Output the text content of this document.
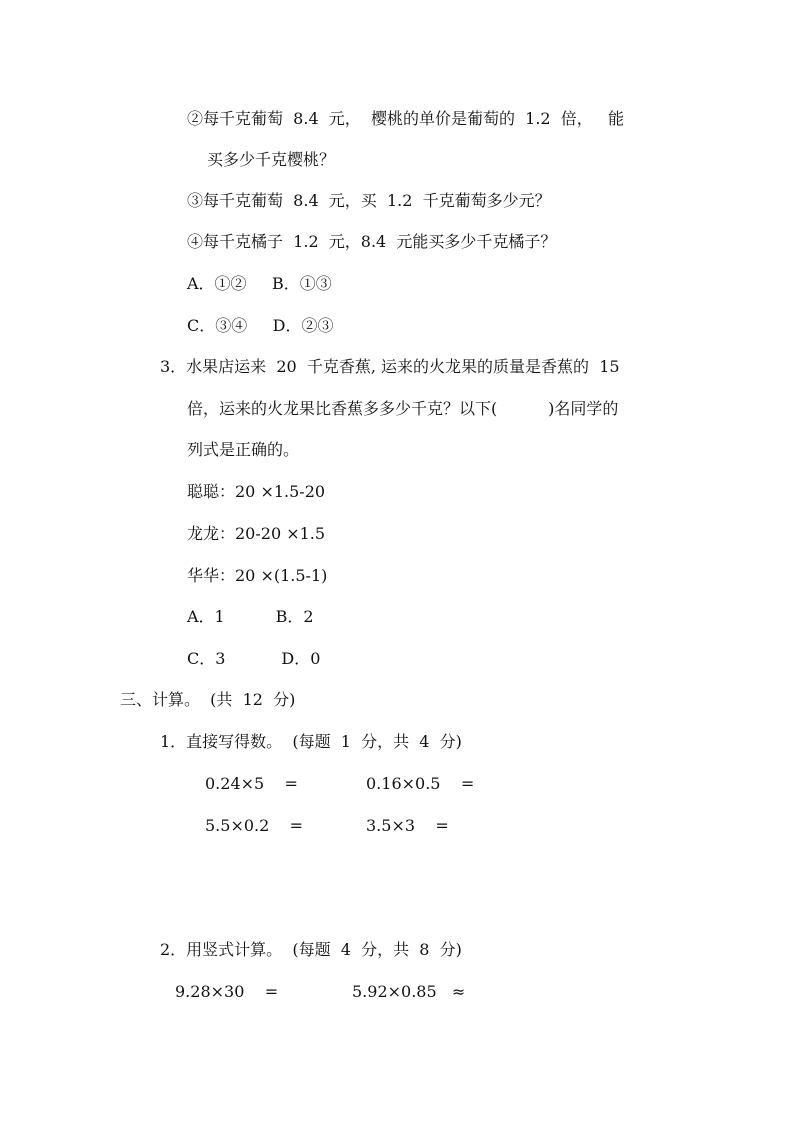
②每千克葡萄  8.4  元，  樱桃的单价是葡萄的  1.2  倍，   能
买多少千克樱桃？
③每千克葡萄  8.4  元，买  1.2  千克葡萄多少元？
④每千克橘子  1.2  元，8.4  元能买多少千克橘子？
A．①②     B．①③
C．③④     D．②③
3．水果店运来  20  千克香蕉, 运来的火龙果的质量是香蕉的  15
倍，运来的火龙果比香蕉多多少千克？以下(          )名同学的
列式是正确的。
聪聪：20 ×1.5-20
龙龙：20-20 ×1.5
华华：20 ×(1.5-1)
A．1          B．2
C．3           D．0
三、计算。  (共  12  分)
1．直接写得数。  (每题  1  分，共  4  分)
0.24×5    =	0.16×0.5    =
5.5×0.2    =	3.5×3    =
2．用竖式计算。  (每题  4  分，共  8  分)
9.28×30    =	5.92×0.85   ≈
